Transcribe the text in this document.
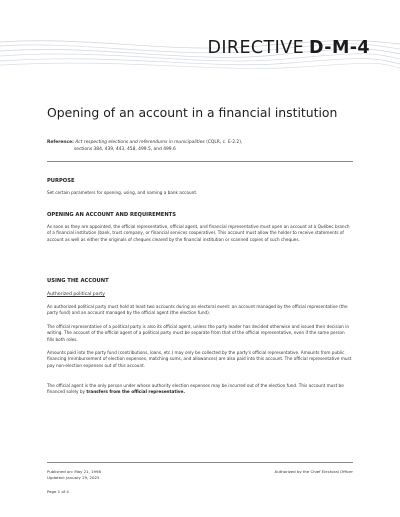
DIRECTIVE D-M-4
Opening of an account in a financial institution
Reference: Act respecting elections and referendums in municipalities (CQLR, c. E-2.2),
sections 384, 439, 443, 458, 499.5, and 499.6
PURPOSE
Set certain parameters for opening, using, and naming a bank account.
OPENING AN ACCOUNT AND REQUIREMENTS
As soon as they are appointed, the official representative, official agent, and financial representative must open an account at a Québec branch of a financial institution (bank, trust company, or financial services cooperative). This account must allow the holder to receive statements of account as well as either the originals of cheques cleared by the financial institution or scanned copies of such cheques.
USING THE ACCOUNT
Authorized political party
An authorized political party must hold at least two accounts during an electoral event: an account managed by the official representative (the party fund) and an account managed by the official agent (the election fund).
The official representative of a political party is also its official agent, unless the party leader has decided otherwise and issued their decision in writing. The account of the official agent of a political party must be separate from that of the official representative, even if the same person fills both roles.
Amounts paid into the party fund (contributions, loans, etc.) may only be collected by the party's official representative. Amounts from public financing (reimbursement of election expenses, matching sums, and allowances) are also paid into this account. The official representative must pay non-election expenses out of this account.
The official agent is the only person under whose authority election expenses may be incurred out of the election fund. This account must be financed solely by transfers from the official representative.
Published on: May 21, 1998
Updated: January 29, 2025
Authorized by the Chief Electoral Officer
Page 1 of 4
